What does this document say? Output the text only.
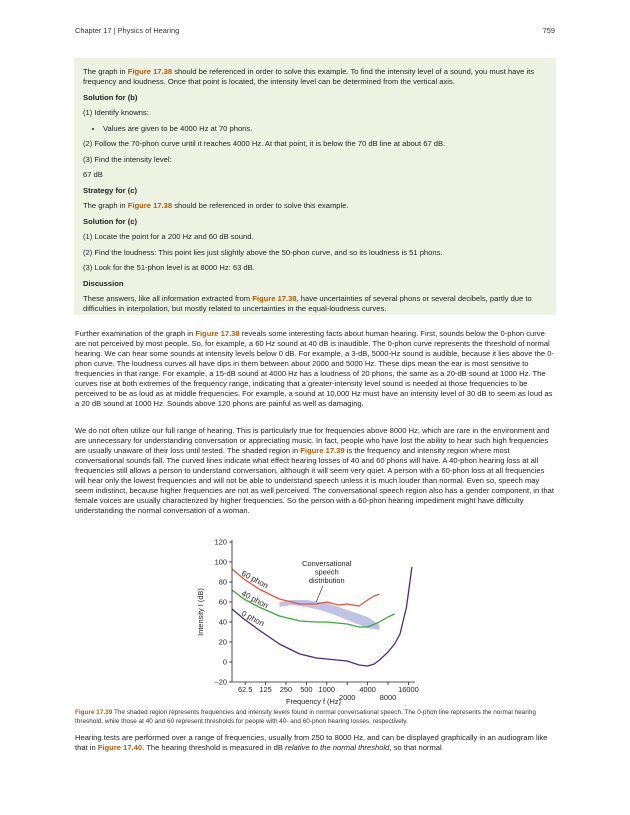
Chapter 17 | Physics of Hearing	759

The graph in Figure 17.38 should be referenced in order to solve this example. To find the intensity level of a sound, you must have its frequency and loudness. Once that point is located, the intensity level can be determined from the vertical axis.

Solution for (b)

(1) Identify knowns:

• Values are given to be 4000 Hz at 70 phons.

(2) Follow the 70-phon curve until it reaches 4000 Hz. At that point, it is below the 70 dB line at about 67 dB.

(3) Find the intensity level:

67 dB

Strategy for (c)

The graph in Figure 17.38 should be referenced in order to solve this example.

Solution for (c)

(1) Locate the point for a 200 Hz and 60 dB sound.

(2) Find the loudness: This point lies just slightly above the 50-phon curve, and so its loudness is 51 phons.

(3) Look for the 51-phon level is at 8000 Hz: 63 dB.

Discussion

These answers, like all information extracted from Figure 17.38, have uncertainties of several phons or several decibels, partly due to difficulties in interpolation, but mostly related to uncertainties in the equal-loudness curves.

Further examination of the graph in Figure 17.38 reveals some interesting facts about human hearing. First, sounds below the 0-phon curve are not perceived by most people. So, for example, a 60 Hz sound at 40 dB is inaudible. The 0-phon curve represents the threshold of normal hearing. We can hear some sounds at intensity levels below 0 dB. For example, a 3-dB, 5000-Hz sound is audible, because it lies above the 0-phon curve. The loudness curves all have dips in them between about 2000 and 5000 Hz. These dips mean the ear is most sensitive to frequencies in that range. For example, a 15-dB sound at 4000 Hz has a loudness of 20 phons, the same as a 20-dB sound at 1000 Hz. The curves rise at both extremes of the frequency range, indicating that a greater-intensity level sound is needed at those frequencies to be perceived to be as loud as at middle frequencies. For example, a sound at 10,000 Hz must have an intensity level of 30 dB to seem as loud as a 20 dB sound at 1000 Hz. Sounds above 120 phons are painful as well as damaging.

We do not often utilize our full range of hearing. This is particularly true for frequencies above 8000 Hz, which are rare in the environment and are unnecessary for understanding conversation or appreciating music. In fact, people who have lost the ability to hear such high frequencies are usually unaware of their loss until tested. The shaded region in Figure 17.39 is the frequency and intensity region where most conversational sounds fall. The curved lines indicate what effect hearing losses of 40 and 60 phons will have. A 40-phon hearing loss at all frequencies still allows a person to understand conversation, although it will seem very quiet. A person with a 60-phon loss at all frequencies will hear only the lowest frequencies and will not be able to understand speech unless it is much louder than normal. Even so, speech may seem indistinct, because higher frequencies are not as well perceived. The conversational speech region also has a gender component, in that female voices are usually characterized by higher frequencies. So the person with a 60-phon hearing impediment might have difficulty understanding the normal conversation of a woman.

−20
0
20
40
60
80
100
120
62.5 125 250 500 1000	4000	16000
2000	8000
Frequency f (Hz)
Intensity I (dB)
60 phon
40 phon
0 phon
Conversational
speech
distribution

Figure 17.39 The shaded region represents frequencies and intensity levels found in normal conversational speech. The 0-phon line represents the normal hearing threshold, while those at 40 and 60 represent thresholds for people with 40- and 60-phon hearing losses, respectively.

Hearing tests are performed over a range of frequencies, usually from 250 to 8000 Hz, and can be displayed graphically in an audiogram like that in Figure 17.40. The hearing threshold is measured in dB relative to the normal threshold, so that normal
